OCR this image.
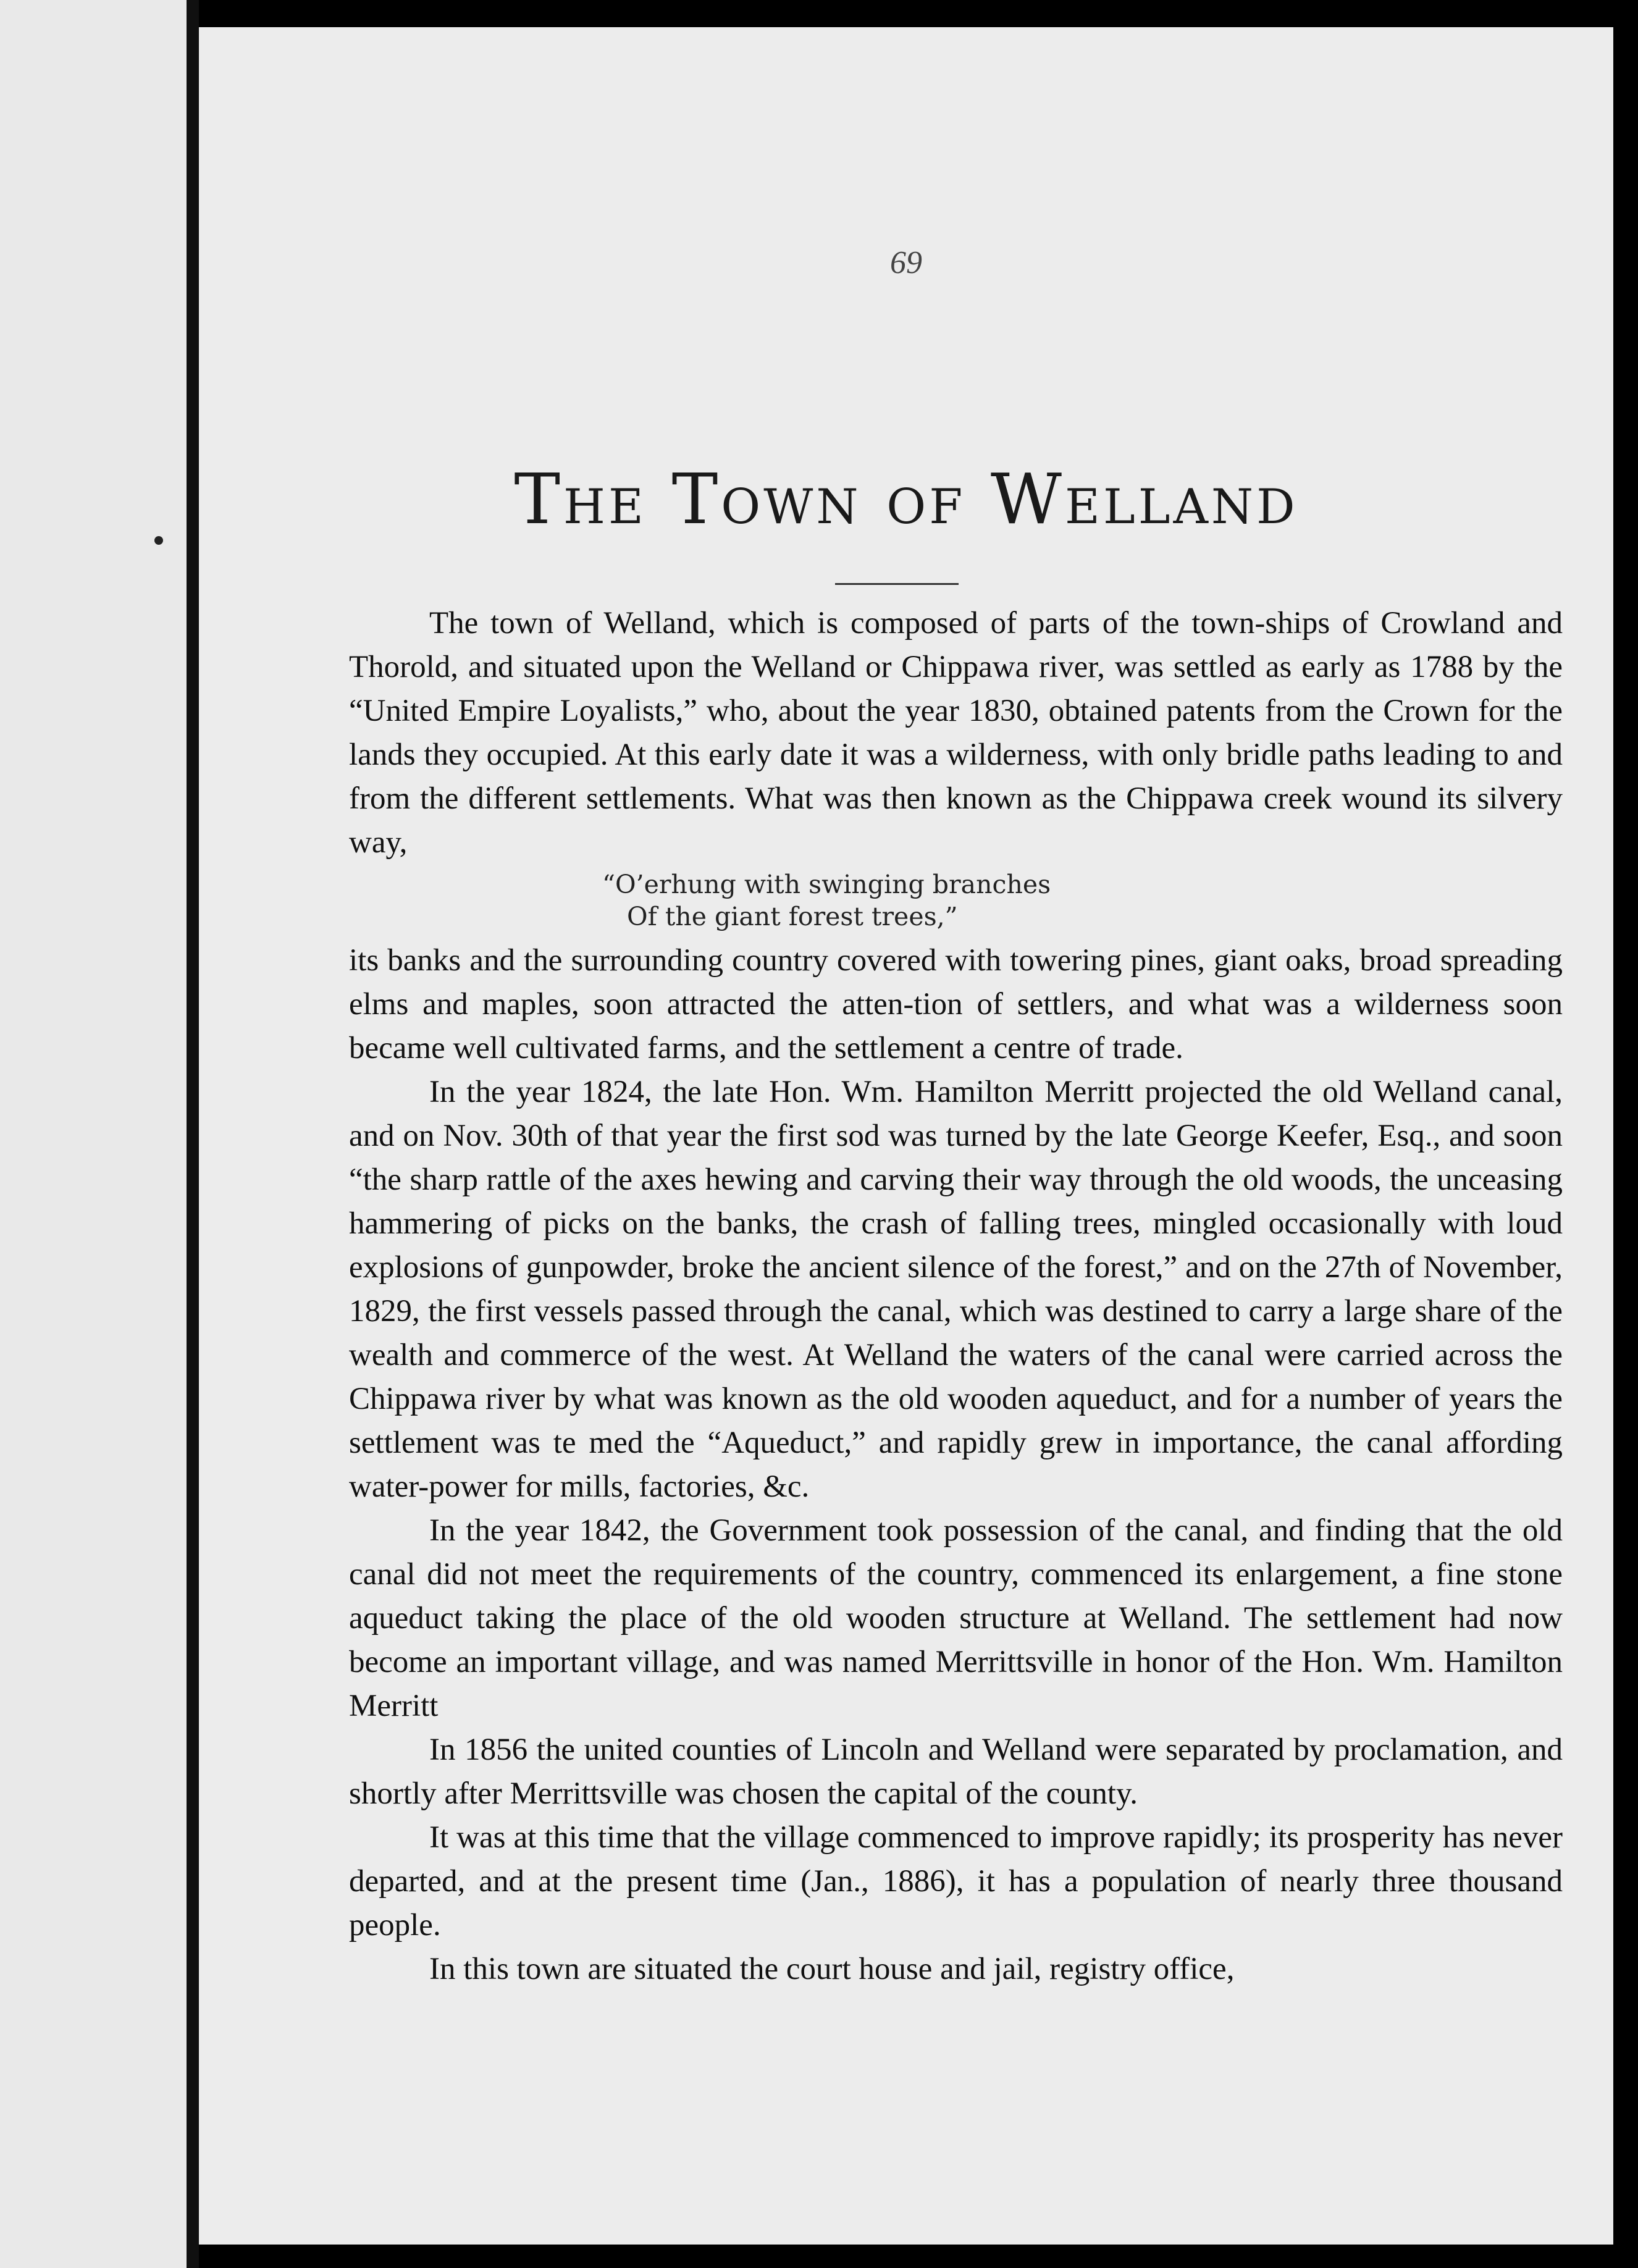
69
The Town of Welland

The town of Welland, which is composed of parts of the town-ships of Crowland and Thorold, and situated upon the Welland or Chippawa river, was settled as early as 1788 by the “United Empire Loyalists,” who, about the year 1830, obtained patents from the Crown for the lands they occupied. At this early date it was a wilderness, with only bridle paths leading to and from the different settlements. What was then known as the Chippawa creek wound its silvery way,

“O’erhung with swinging branches
Of the giant forest trees,”

its banks and the surrounding country covered with towering pines, giant oaks, broad spreading elms and maples, soon attracted the atten-tion of settlers, and what was a wilderness soon became well cultivated farms, and the settlement a centre of trade.

In the year 1824, the late Hon. Wm. Hamilton Merritt projected the old Welland canal, and on Nov. 30th of that year the first sod was turned by the late George Keefer, Esq., and soon “the sharp rattle of the axes hewing and carving their way through the old woods, the unceasing hammering of picks on the banks, the crash of falling trees, mingled occasionally with loud explosions of gunpowder, broke the ancient silence of the forest,” and on the 27th of November, 1829, the first vessels passed through the canal, which was destined to carry a large share of the wealth and commerce of the west. At Welland the waters of the canal were carried across the Chippawa river by what was known as the old wooden aqueduct, and for a number of years the settlement was te med the “Aqueduct,” and rapidly grew in importance, the canal affording water-power for mills, factories, &c.

In the year 1842, the Government took possession of the canal, and finding that the old canal did not meet the requirements of the country, commenced its enlargement, a fine stone aqueduct taking the place of the old wooden structure at Welland. The settlement had now become an important village, and was named Merrittsville in honor of the Hon. Wm. Hamilton Merritt

In 1856 the united counties of Lincoln and Welland were separated by proclamation, and shortly after Merrittsville was chosen the capital of the county.

It was at this time that the village commenced to improve rapidly; its prosperity has never departed, and at the present time (Jan., 1886), it has a population of nearly three thousand people.

In this town are situated the court house and jail, registry office,
